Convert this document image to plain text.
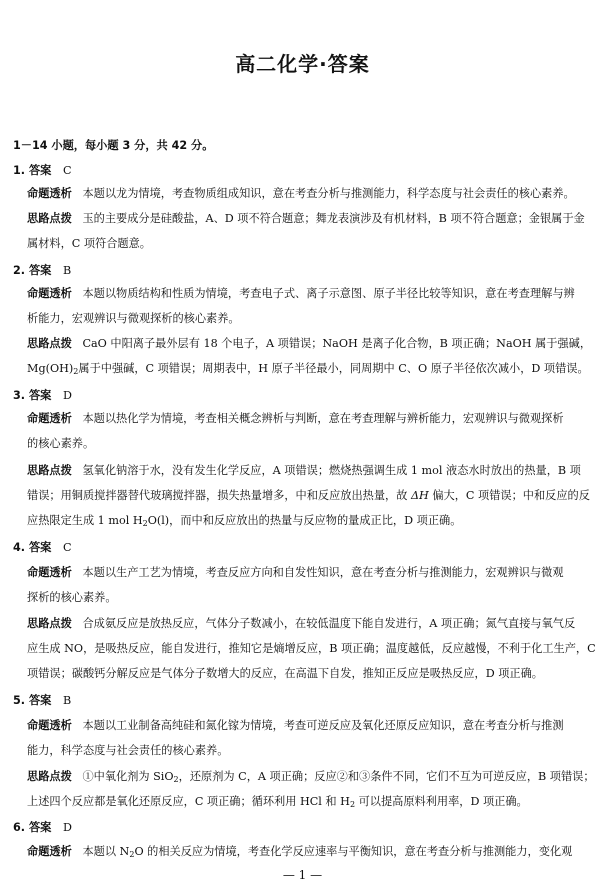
高二化学·答案
1－14 小题，每小题 3 分，共 42 分。
1. 答案 C
命题透析 本题以龙为情境，考查物质组成知识，意在考查分析与推测能力，科学态度与社会责任的核心素养。
思路点拨 玉的主要成分是硅酸盐，A、D 项不符合题意；舞龙表演涉及有机材料，B 项不符合题意；金银属于金
属材料，C 项符合题意。
2. 答案 B
命题透析 本题以物质结构和性质为情境，考查电子式、离子示意图、原子半径比较等知识，意在考查理解与辨
析能力，宏观辨识与微观探析的核心素养。
思路点拨 CaO 中阳离子最外层有 18 个电子，A 项错误；NaOH 是离子化合物，B 项正确；NaOH 属于强碱，
$Mg(OH)_2$属于中强碱，C 项错误；周期表中，H 原子半径最小，同周期中 C、O 原子半径依次减小，D 项错误。
3. 答案 D
命题透析 本题以热化学为情境，考查相关概念辨析与判断，意在考查理解与辨析能力，宏观辨识与微观探析
的核心素养。
思路点拨 氢氧化钠溶于水，没有发生化学反应，A 项错误；燃烧热强调生成 1 mol 液态水时放出的热量，B 项
错误；用铜质搅拌器替代玻璃搅拌器，损失热量增多，中和反应放出热量，故 ΔH 偏大，C 项错误；中和反应的反
应热限定生成 1 mol $H_2O(l)$，而中和反应放出的热量与反应物的量成正比，D 项正确。
4. 答案 C
命题透析 本题以生产工艺为情境，考查反应方向和自发性知识，意在考查分析与推测能力，宏观辨识与微观
探析的核心素养。
思路点拨 合成氨反应是放热反应，气体分子数减小，在较低温度下能自发进行，A 项正确；氮气直接与氧气反
应生成 NO，是吸热反应，能自发进行，推知它是熵增反应，B 项正确；温度越低，反应越慢，不利于化工生产，C
项错误；碳酸钙分解反应是气体分子数增大的反应，在高温下自发，推知正反应是吸热反应，D 项正确。
5. 答案 B
命题透析 本题以工业制备高纯硅和氮化镓为情境，考查可逆反应及氧化还原反应知识，意在考查分析与推测
能力，科学态度与社会责任的核心素养。
思路点拨 ①中氧化剂为 SiO$_2$，还原剂为 C，A 项正确；反应②和③条件不同，它们不互为可逆反应，B 项错误；
上述四个反应都是氧化还原反应，C 项正确；循环利用 HCl 和 $H_2$ 可以提高原料利用率，D 项正确。
6. 答案 D
命题透析 本题以 $N_2O$ 的相关反应为情境，考查化学反应速率与平衡知识，意在考查分析与推测能力，变化观
— 1 —
